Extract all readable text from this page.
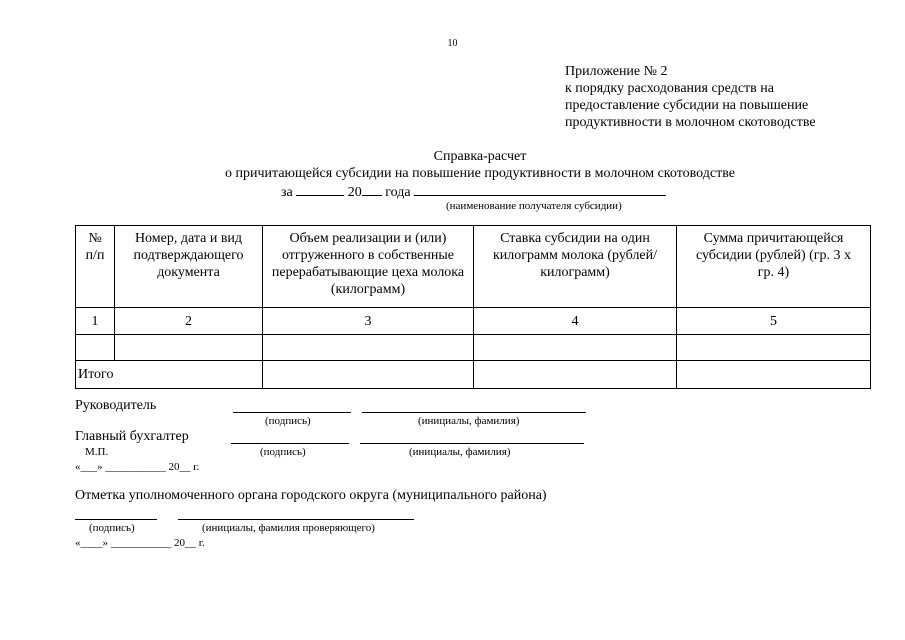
10
Приложение № 2
к порядку расходования средств на
предоставление субсидии на повышение
продуктивности в молочном скотоводстве
Справка-расчет
о причитающейся субсидии на повышение продуктивности в молочном скотоводстве
за	20 года
(наименование получателя субсидии)
№ п/п	Номер, дата и вид подтверждающего документа	Объем реализации и (или) отгруженного в собственные перерабатывающие цеха молока (килограмм)	Ставка субсидии на один килограмм молока (рублей/килограмм)	Сумма причитающейся субсидии (рублей) (гр. 3 х гр. 4)
1	2	3	4	5

Итого				
Руководитель
(подпись)	(инициалы, фамилия)
Главный бухгалтер
М.П.	(подпись)	(инициалы, фамилия)
«___» ___________ 20__ г.
Отметка уполномоченного органа городского округа (муниципального района)
(подпись)	(инициалы, фамилия проверяющего)
«____» ___________ 20__ г.
